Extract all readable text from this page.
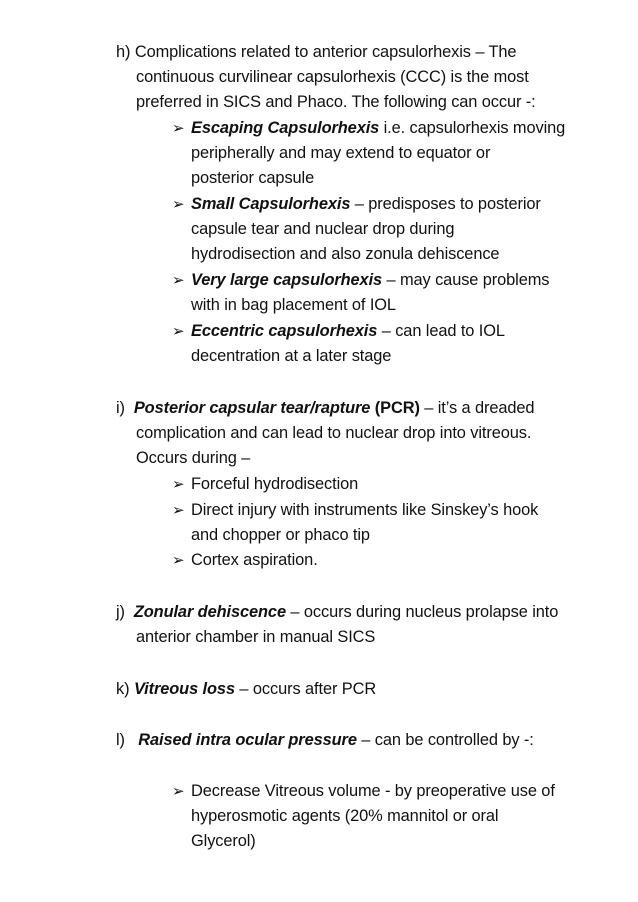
h) Complications related to anterior capsulorhexis – The
continuous curvilinear capsulorhexis (CCC) is the most
preferred in SICS and Phaco. The following can occur -:
➢ Escaping Capsulorhexis i.e. capsulorhexis moving
peripherally and may extend to equator or
posterior capsule
➢ Small Capsulorhexis – predisposes to posterior
capsule tear and nuclear drop during
hydrodisection and also zonula dehiscence
➢ Very large capsulorhexis – may cause problems
with in bag placement of IOL
➢ Eccentric capsulorhexis – can lead to IOL
decentration at a later stage
i) Posterior capsular tear/rapture (PCR) – it’s a dreaded
complication and can lead to nuclear drop into vitreous.
Occurs during –
➢ Forceful hydrodisection
➢ Direct injury with instruments like Sinskey’s hook
and chopper or phaco tip
➢ Cortex aspiration.
j) Zonular dehiscence – occurs during nucleus prolapse into
anterior chamber in manual SICS
k) Vitreous loss – occurs after PCR
l) Raised intra ocular pressure – can be controlled by -:
➢ Decrease Vitreous volume - by preoperative use of
hyperosmotic agents (20% mannitol or oral
Glycerol)
